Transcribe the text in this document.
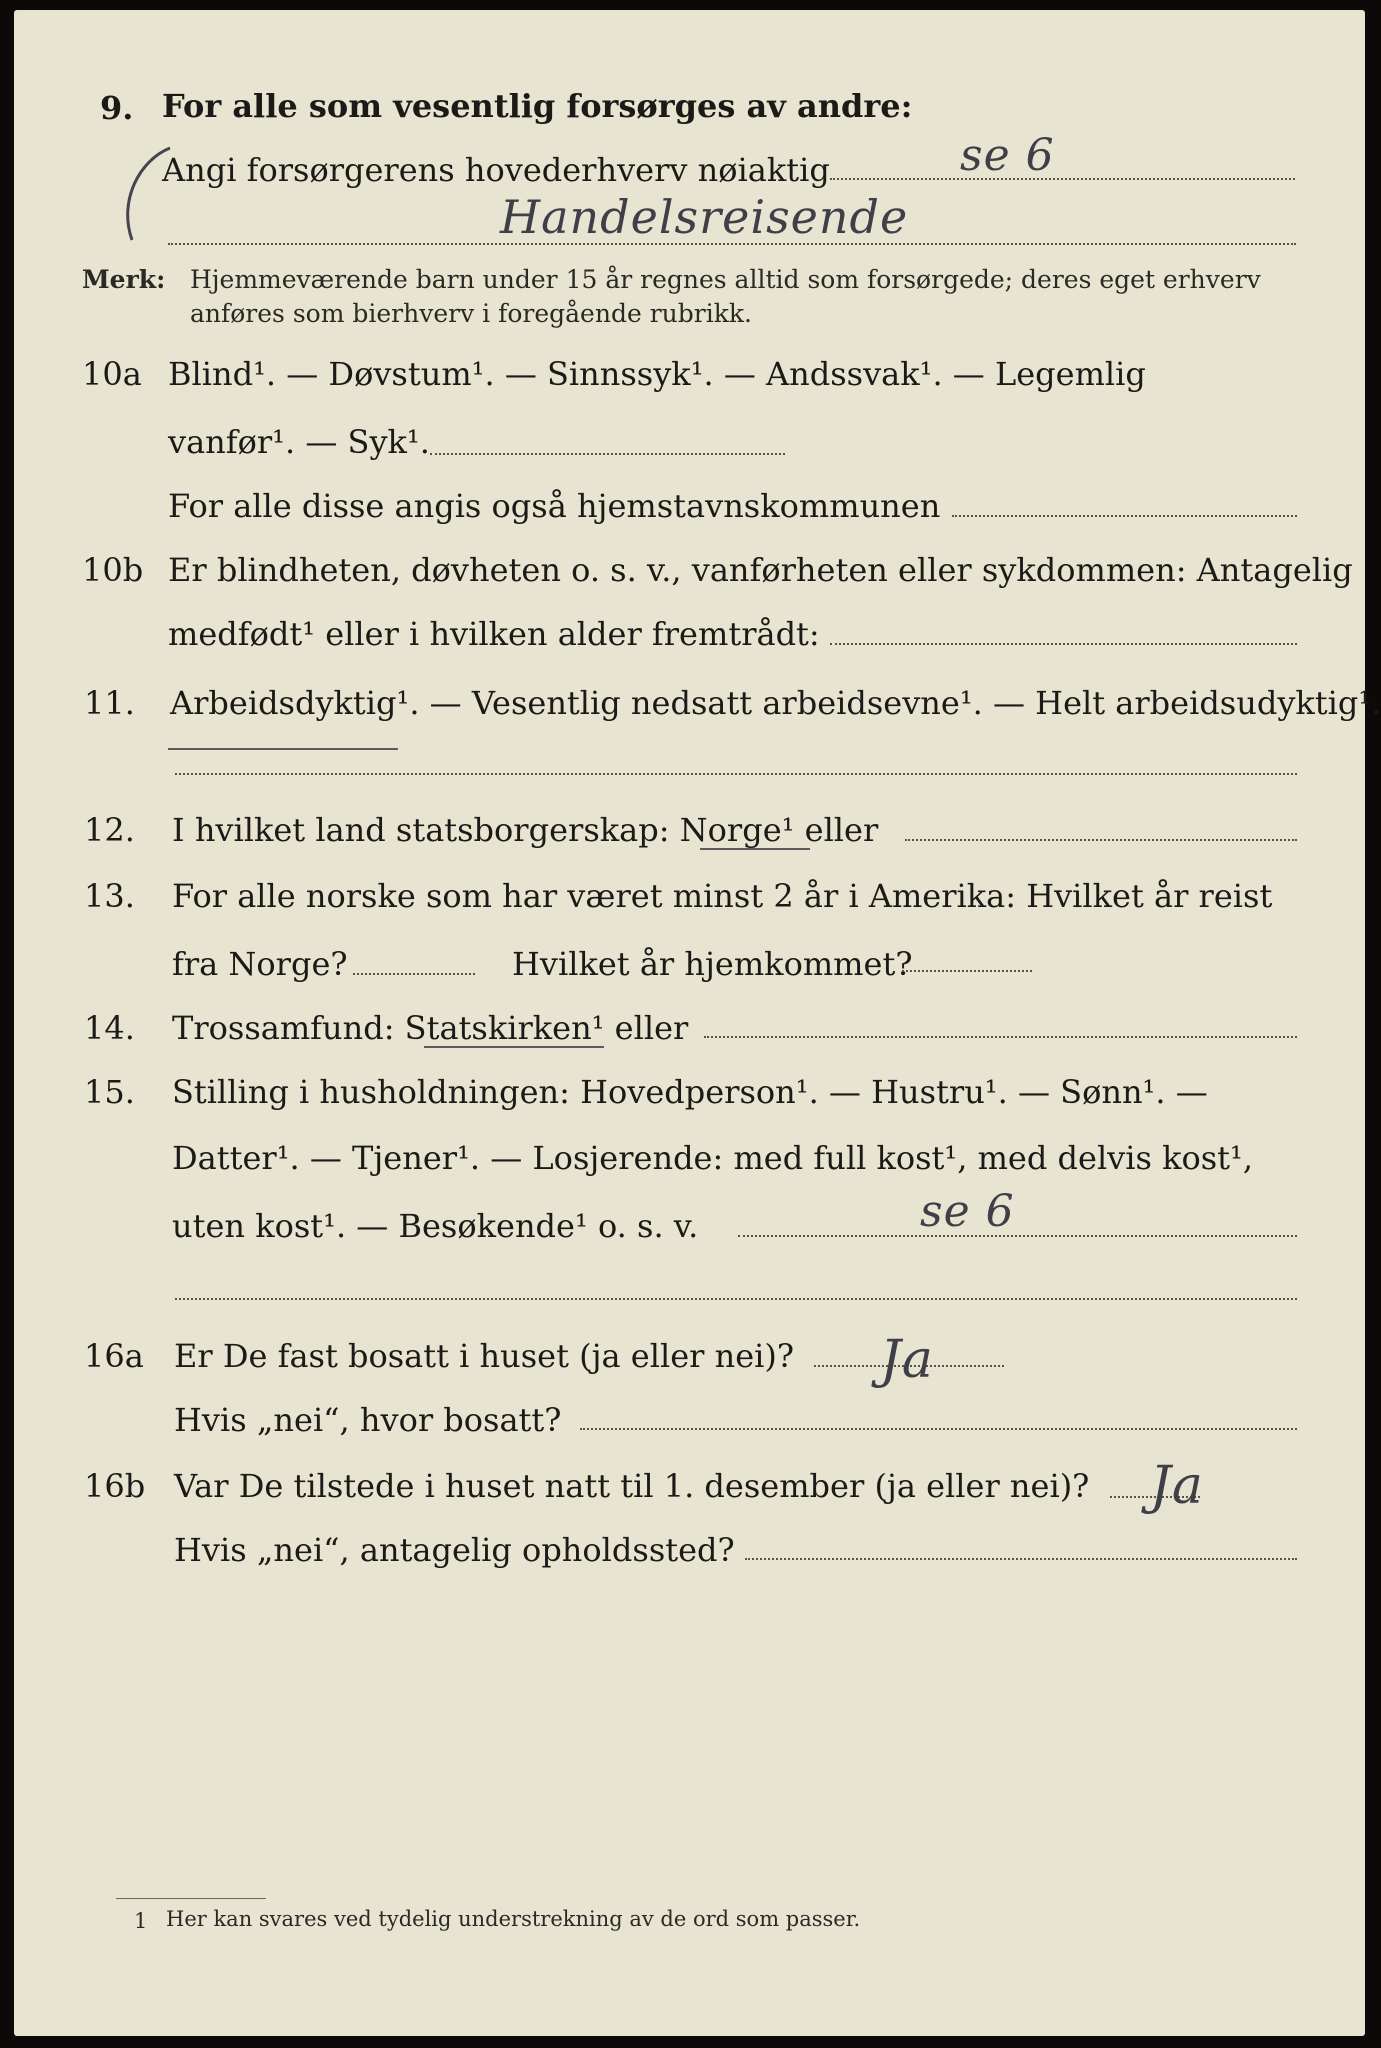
9. For alle som vesentlig forsørges av andre:
Angi forsørgerens hovederhverv nøiaktig	se 6
Handelsreisende
Merk: Hjemmeværende barn under 15 år regnes alltid som forsørgede; deres eget erhverv
anføres som bierhverv i foregående rubrikk.
10a Blind¹. — Døvstum¹. — Sinnssyk¹. — Andssvak¹. — Legemlig
vanfør¹. — Syk¹.
For alle disse angis også hjemstavnskommunen
10b Er blindheten, døvheten o. s. v., vanførheten eller sykdommen: Antagelig
medfødt¹ eller i hvilken alder fremtrådt:
11. Arbeidsdyktig¹. — Vesentlig nedsatt arbeidsevne¹. — Helt arbeidsudyktig¹.
12. I hvilket land statsborgerskap: Norge¹ eller
13. For alle norske som har været minst 2 år i Amerika: Hvilket år reist
fra Norge?	Hvilket år hjemkommet?
14. Trossamfund: Statskirken¹ eller
15. Stilling i husholdningen: Hovedperson¹. — Hustru¹. — Sønn¹. —
Datter¹. — Tjener¹. — Losjerende: med full kost¹, med delvis kost¹,
uten kost¹. — Besøkende¹ o. s. v.	se 6
16a Er De fast bosatt i huset (ja eller nei)? Ja
Hvis „nei“, hvor bosatt?
16b Var De tilstede i huset natt til 1. desember (ja eller nei)? Ja
Hvis „nei“, antagelig opholdssted?
1 Her kan svares ved tydelig understrekning av de ord som passer.
